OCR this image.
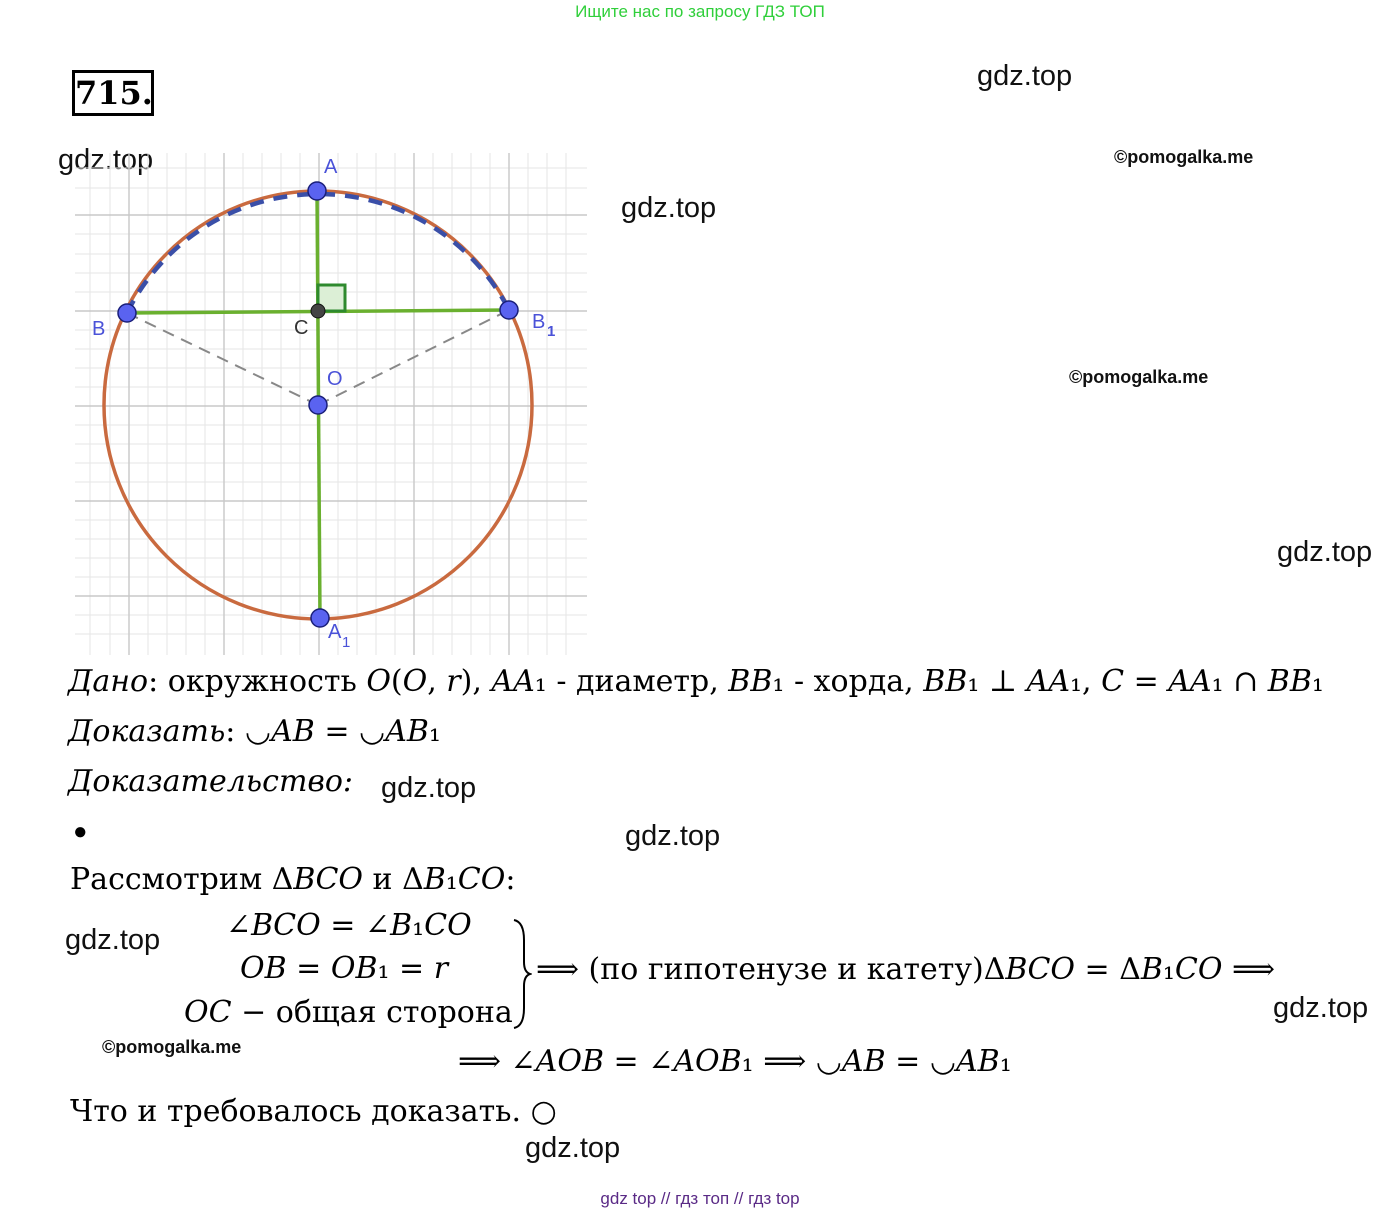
Ищите нас по запросу ГДЗ ТОП
715.	gdz.top
gdz.top
gdz.top
©pomogalka.me
©pomogalka.me
gdz.top
gdz.top
gdz.top
gdz.top
gdz.top
©pomogalka.me
gdz.top
A
B	B 1
C
O
A 1
Дано: окружность 𝑂(𝑂, 𝑟), 𝐴𝐴₁ - диаметр, 𝐵𝐵₁ - хорда, 𝐵𝐵₁ ⊥ 𝐴𝐴₁, 𝐶 = 𝐴𝐴₁ ∩ 𝐵𝐵₁
Доказать: ◡𝐴𝐵 = ◡𝐴𝐵₁
Доказательство:
●
Рассмотрим Δ𝐵𝐶𝑂 и Δ𝐵₁𝐶𝑂:
∠𝐵𝐶𝑂 = ∠𝐵₁𝐶𝑂
𝑂𝐵 = 𝑂𝐵₁ = 𝑟
𝑂𝐶 − общая сторона
⟹ (по гипотенузе и катету)Δ𝐵𝐶𝑂 = Δ𝐵₁𝐶𝑂 ⟹
⟹ ∠𝐴𝑂𝐵 = ∠𝐴𝑂𝐵₁ ⟹ ◡𝐴𝐵 = ◡𝐴𝐵₁
Что и требовалось доказать. ○
gdz top // гдз топ // гдз top
